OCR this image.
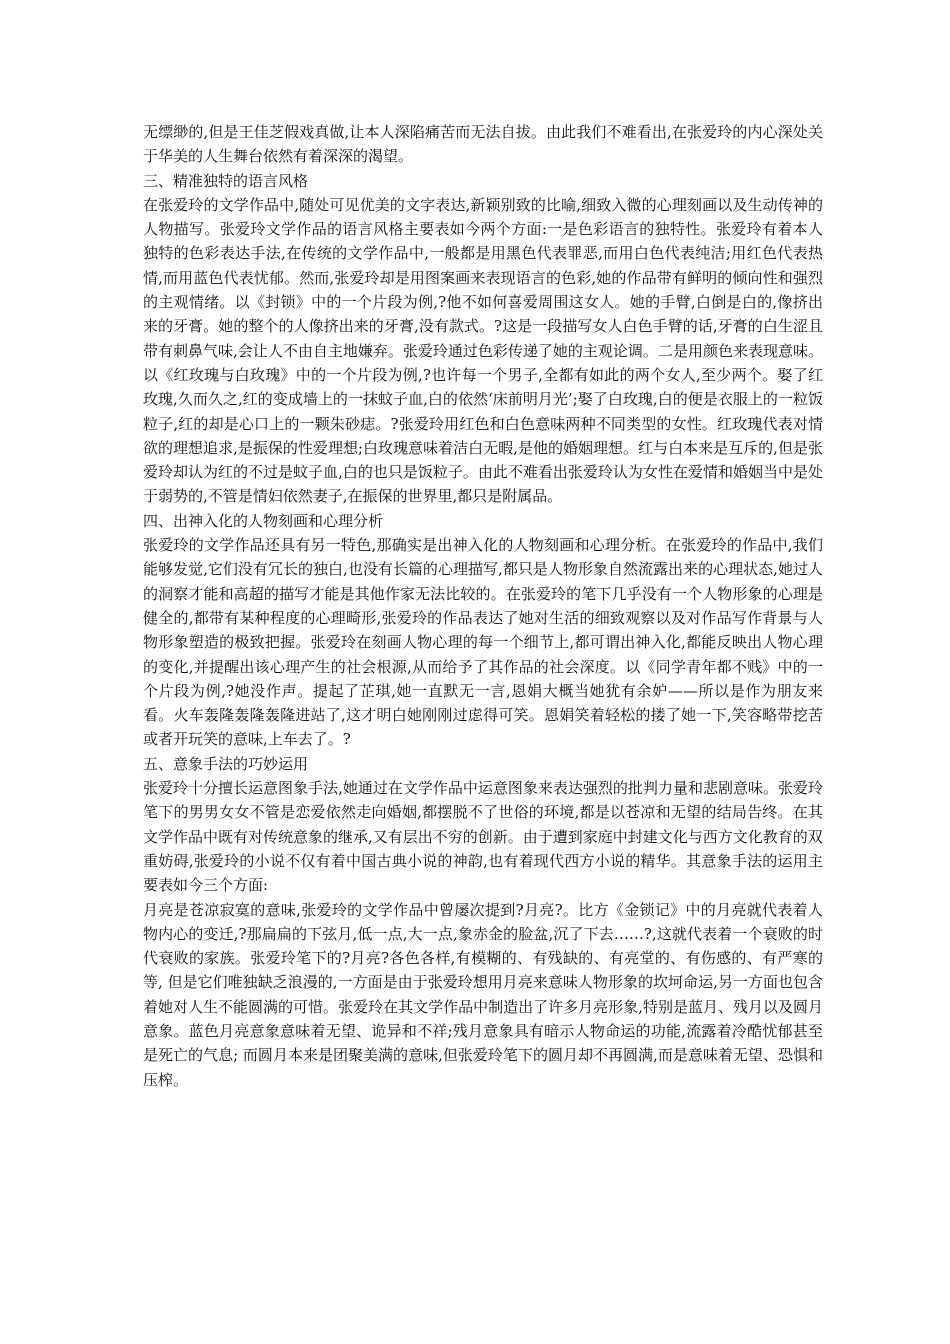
无缥缈的,但是王佳芝假戏真做,让本人深陷痛苦而无法自拔。由此我们不难看出,在张爱玲的内心深处关于华美的人生舞台依然有着深深的渴望。

三、精准独特的语言风格

在张爱玲的文学作品中,随处可见优美的文字表达,新颖别致的比喻,细致入微的心理刻画以及生动传神的人物描写。张爱玲文学作品的语言风格主要表如今两个方面:一是色彩语言的独特性。张爱玲有着本人独特的色彩表达手法,在传统的文学作品中,一般都是用黑色代表罪恶,而用白色代表纯洁;用红色代表热情,而用蓝色代表忧郁。然而,张爱玲却是用图案画来表现语言的色彩,她的作品带有鲜明的倾向性和强烈的主观情绪。以《封锁》中的一个片段为例,?他不如何喜爱周围这女人。她的手臂,白倒是白的,像挤出来的牙膏。她的整个的人像挤出来的牙膏,没有款式。?这是一段描写女人白色手臂的话,牙膏的白生涩且带有刺鼻气味,会让人不由自主地嫌弃。张爱玲通过色彩传递了她的主观论调。二是用颜色来表现意味。以《红玫瑰与白玫瑰》中的一个片段为例,?也许每一个男子,全都有如此的两个女人,至少两个。娶了红玫瑰,久而久之,红的变成墙上的一抹蚊子血,白的依然‘床前明月光’;娶了白玫瑰,白的便是衣服上的一粒饭粒子,红的却是心口上的一颗朱砂痣。?张爱玲用红色和白色意味两种不同类型的女性。红玫瑰代表对情欲的理想追求,是振保的性爱理想;白玫瑰意味着洁白无暇,是他的婚姻理想。红与白本来是互斥的,但是张爱玲却认为红的不过是蚊子血,白的也只是饭粒子。由此不难看出张爱玲认为女性在爱情和婚姻当中是处于弱势的,不管是情妇依然妻子,在振保的世界里,都只是附属品。

四、出神入化的人物刻画和心理分析

张爱玲的文学作品还具有另一特色,那确实是出神入化的人物刻画和心理分析。在张爱玲的作品中,我们能够发觉,它们没有冗长的独白,也没有长篇的心理描写,都只是人物形象自然流露出来的心理状态,她过人的洞察才能和高超的描写才能是其他作家无法比较的。在张爱玲的笔下几乎没有一个人物形象的心理是健全的,都带有某种程度的心理畸形,张爱玲的作品表达了她对生活的细致观察以及对作品写作背景与人物形象塑造的极致把握。张爱玲在刻画人物心理的每一个细节上,都可谓出神入化,都能反映出人物心理的变化,并提醒出该心理产生的社会根源,从而给予了其作品的社会深度。以《同学青年都不贱》中的一个片段为例,?她没作声。提起了芷琪,她一直默无一言,恩娟大概当她犹有余妒——所以是作为朋友来看。火车轰隆轰隆轰隆进站了,这才明白她刚刚过虑得可笑。恩娟笑着轻松的搂了她一下,笑容略带挖苦或者开玩笑的意味,上车去了。?

五、意象手法的巧妙运用

张爱玲十分擅长运意图象手法,她通过在文学作品中运意图象来表达强烈的批判力量和悲剧意味。张爱玲笔下的男男女女不管是恋爱依然走向婚姻,都摆脱不了世俗的环境,都是以苍凉和无望的结局告终。在其文学作品中既有对传统意象的继承,又有层出不穷的创新。由于遭到家庭中封建文化与西方文化教育的双

重妨碍,张爱玲的小说不仅有着中国古典小说的神韵,也有着现代西方小说的精华。其意象手法的运用主要表如今三个方面:

月亮是苍凉寂寞的意味,张爱玲的文学作品中曾屡次提到?月亮?。比方《金锁记》中的月亮就代表着人物内心的变迁,?那扁扁的下弦月,低一点,大一点,象赤金的脸盆,沉了下去……?,这就代表着一个衰败的时代衰败的家族。张爱玲笔下的?月亮?各色各样,有模糊的、有残缺的、有亮堂的、有伤感的、有严寒的等, 但是它们唯独缺乏浪漫的,一方面是由于张爱玲想用月亮来意味人物形象的坎坷命运,另一方面也包含着她对人生不能圆满的可惜。张爱玲在其文学作品中制造出了许多月亮形象,特别是蓝月、残月以及圆月意象。蓝色月亮意象意味着无望、诡异和不祥;残月意象具有暗示人物命运的功能,流露着冷酷忧郁甚至是死亡的气息; 而圆月本来是团聚美满的意味,但张爱玲笔下的圆月却不再圆满,而是意味着无望、恐惧和压榨。
